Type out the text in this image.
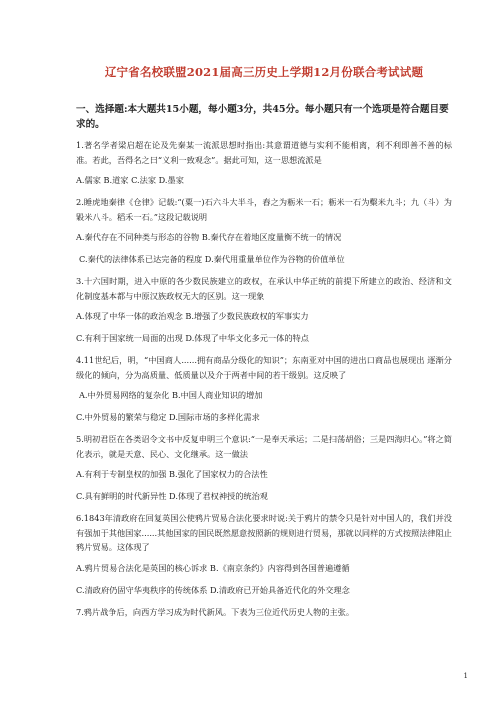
辽宁省名校联盟2021届高三历史上学期12月份联合考试试题
一、选择题:本大题共15小题，每小题3分，共45分。每小题只有一个选项是符合题目要求的。
1.著名学者梁启超在论及先秦某一流派思想时指出:其意谓道德与实利不能相离，利不利即善不善的标准。若此，吾得名之曰“义利一致观念”。据此可知，这一思想流派是
A.儒家 B.道家 C.法家 D.墨家
2.睡虎地秦律《仓律》记载:“(粟一)石六斗大半斗，舂之为粝米一石；粝米一石为糳米九斗；九（斗）为毇米八斗。稻禾一石。”这段记载说明
A.秦代存在不同种类与形态的谷物 B.秦代存在着地区度量衡不统一的情况
C.秦代的法律体系已达完备的程度 D.秦代用重量单位作为谷物的价值单位
3.十六国时期，进入中原的各少数民族建立的政权，在承认中华正统的前提下所建立的政治、经济和文化制度基本都与中原汉族政权无大的区别。这一现象
A.体现了中华一体的政治观念 B.增强了少数民族政权的军事实力
C.有利于国家统一局面的出现 D.体现了中华文化多元一体的特点
4.11世纪后，明，“中国商人......拥有商品分级化的知识”；东南亚对中国的进出口商品也展现出 逐渐分级化的倾向，分为高质量、低质量以及介于两者中间的若干级别。这反映了
A.中外贸易网络的复杂化 B.中国人商业知识的增加
C.中外贸易的繁荣与稳定 D.国际市场的多样化需求
5.明初君臣在各类诏令文书中反复申明三个意识:“一是奉天承运；二是扫荡胡俗；三是四海归心。”将之简化表示，就是天意、民心、文化继承。这一做法
A.有利于专制皇权的加强 B.强化了国家权力的合法性
C.具有鲜明的时代新异性 D.体现了君权神授的统治观
6.1843年清政府在回复英国公使鸦片贸易合法化要求时说:关于鸦片的禁令只是针对中国人的，我们并没有强加于其他国家......其他国家的国民既然愿意按照新的规则进行贸易，那就以同样的方式按照法律阻止鸦片贸易。这体现了
A.鸦片贸易合法化是英国的核心诉求 B.《南京条约》内容得到各国普遍遵循
C.清政府仍固守华夷秩序的传统体系 D.清政府已开始具备近代化的外交理念
7.鸦片战争后，向西方学习成为时代新风。下表为三位近代历史人物的主张。
1
